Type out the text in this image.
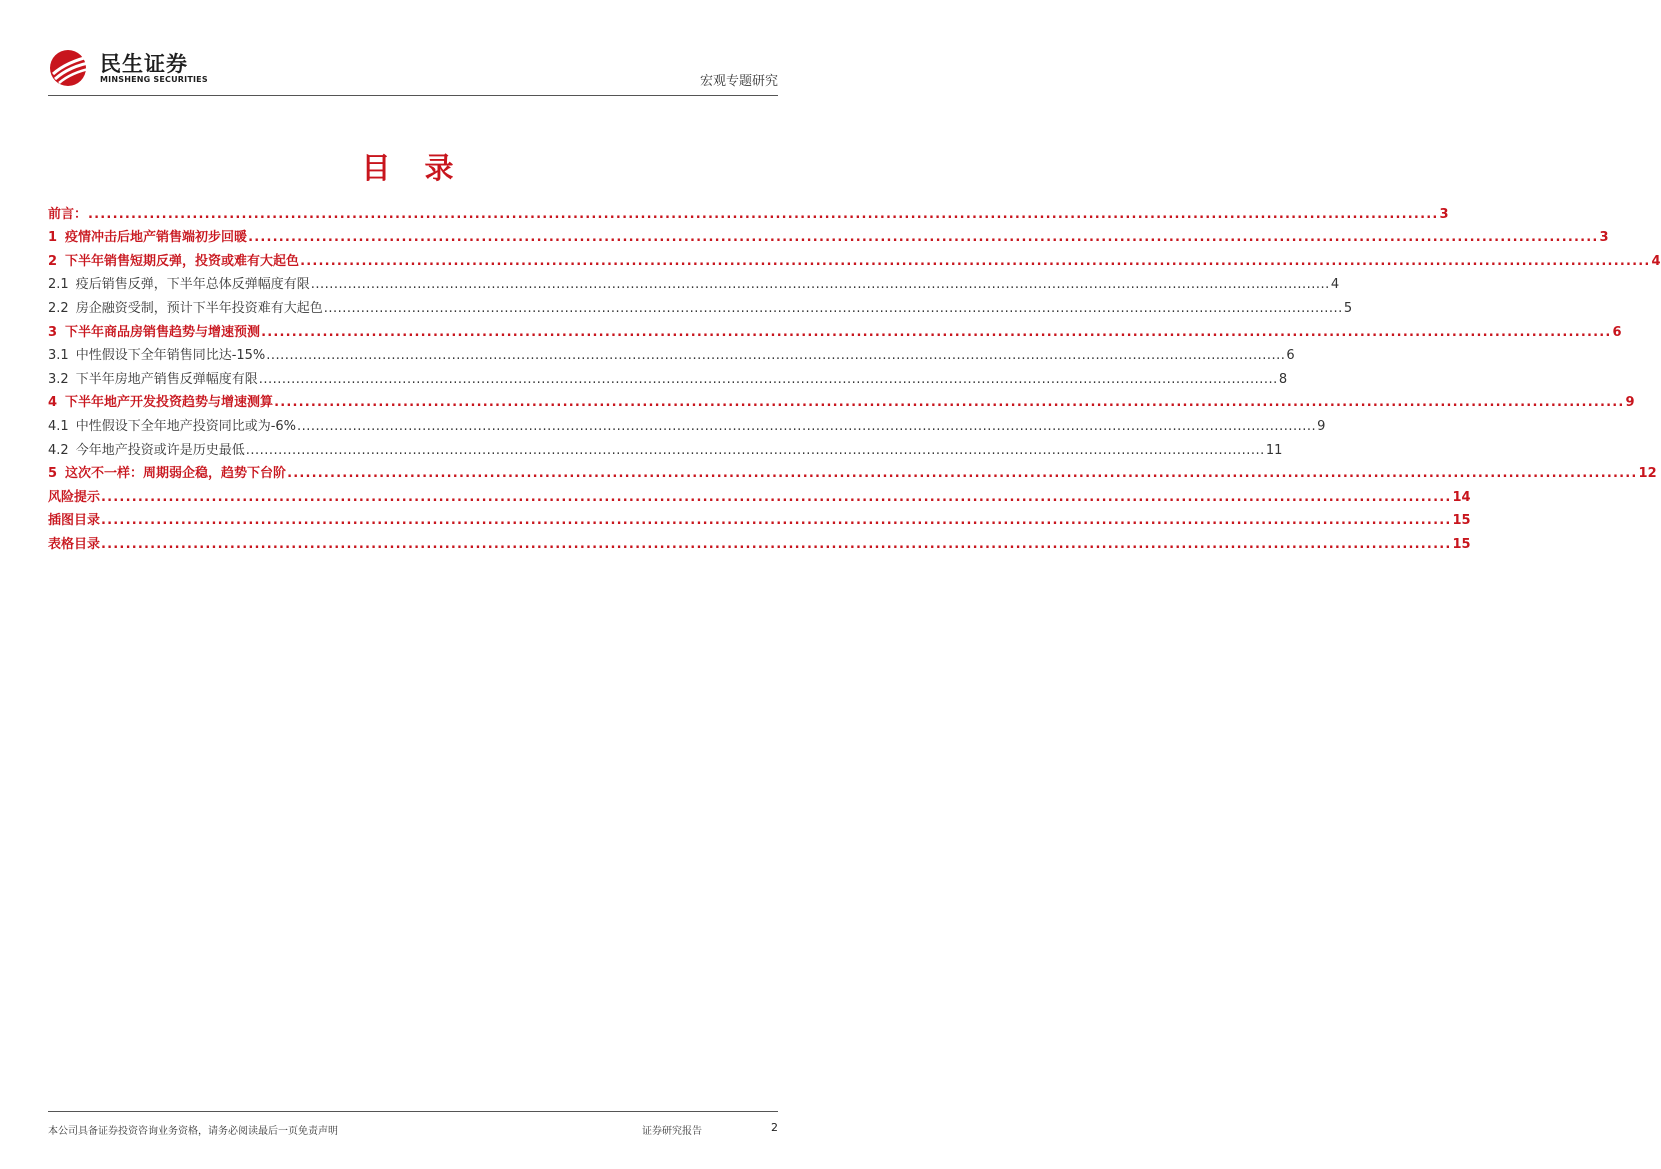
民生证券
MINSHENG SECURITIES	宏观专题研究
目 录
前言： ............................................................................................................................................................................................................................ 3
1 疫情冲击后地产销售端初步回暖 ............................................................................................................................................................................................................................ 3
2 下半年销售短期反弹，投资或难有大起色 ............................................................................................................................................................................................................................ 4
2.1 疫后销售反弹，下半年总体反弹幅度有限 ............................................................................................................................................................................................................................ 4
2.2 房企融资受制，预计下半年投资难有大起色 ............................................................................................................................................................................................................................ 5
3 下半年商品房销售趋势与增速预测 ............................................................................................................................................................................................................................ 6
3.1 中性假设下全年销售同比达-15% ............................................................................................................................................................................................................................ 6
3.2 下半年房地产销售反弹幅度有限 ............................................................................................................................................................................................................................ 8
4 下半年地产开发投资趋势与增速测算 ............................................................................................................................................................................................................................ 9
4.1 中性假设下全年地产投资同比或为-6% ............................................................................................................................................................................................................................ 9
4.2 今年地产投资或许是历史最低 ............................................................................................................................................................................................................................ 11
5 这次不一样：周期弱企稳，趋势下台阶 ............................................................................................................................................................................................................................ 12
风险提示 ............................................................................................................................................................................................................................ 14
插图目录 ............................................................................................................................................................................................................................ 15
表格目录 ............................................................................................................................................................................................................................ 15
本公司具备证券投资咨询业务资格，请务必阅读最后一页免责声明	证券研究报告	2
